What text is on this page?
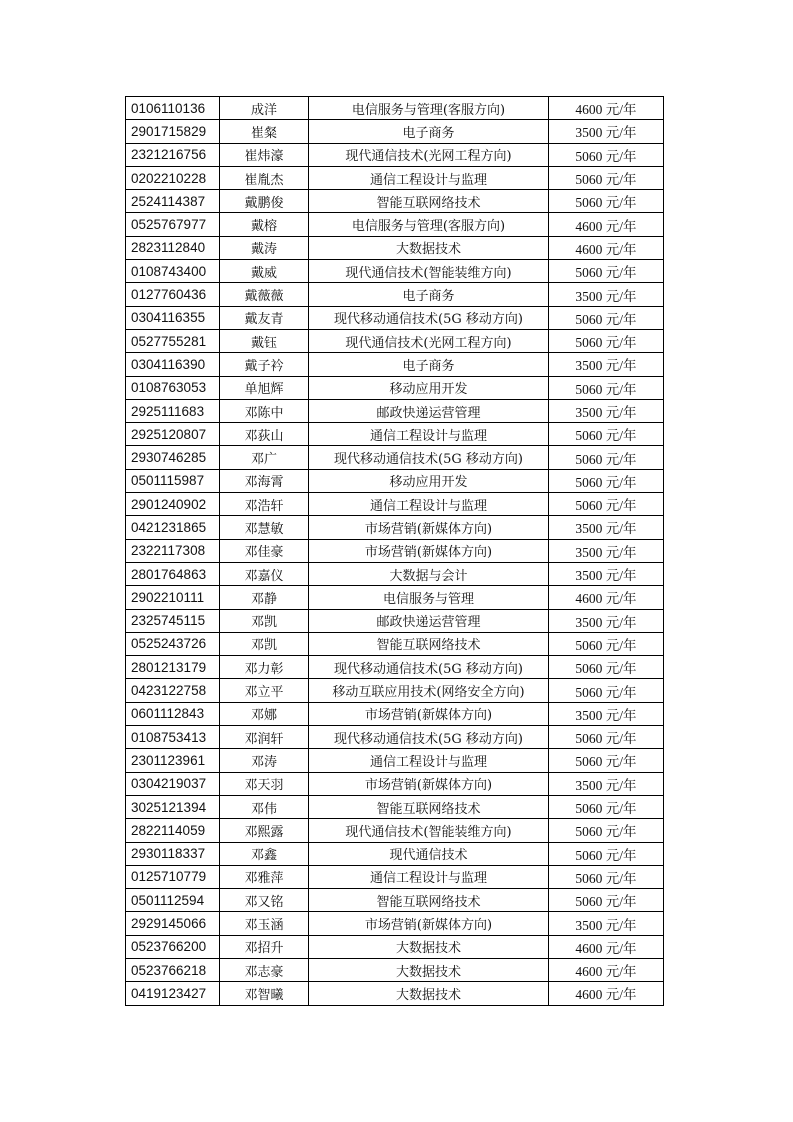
0106110136	成洋	电信服务与管理(客服方向)	4600 元/年
2901715829	崔粲	电子商务	3500 元/年
2321216756	崔炜濠	现代通信技术(光网工程方向)	5060 元/年
0202210228	崔胤杰	通信工程设计与监理	5060 元/年
2524114387	戴鹏俊	智能互联网络技术	5060 元/年
0525767977	戴榕	电信服务与管理(客服方向)	4600 元/年
2823112840	戴涛	大数据技术	4600 元/年
0108743400	戴威	现代通信技术(智能装维方向)	5060 元/年
0127760436	戴薇薇	电子商务	3500 元/年
0304116355	戴友青	现代移动通信技术(5G 移动方向)	5060 元/年
0527755281	戴钰	现代通信技术(光网工程方向)	5060 元/年
0304116390	戴子衿	电子商务	3500 元/年
0108763053	单旭辉	移动应用开发	5060 元/年
2925111683	邓陈中	邮政快递运营管理	3500 元/年
2925120807	邓荻山	通信工程设计与监理	5060 元/年
2930746285	邓广	现代移动通信技术(5G 移动方向)	5060 元/年
0501115987	邓海霄	移动应用开发	5060 元/年
2901240902	邓浩轩	通信工程设计与监理	5060 元/年
0421231865	邓慧敏	市场营销(新媒体方向)	3500 元/年
2322117308	邓佳豪	市场营销(新媒体方向)	3500 元/年
2801764863	邓嘉仪	大数据与会计	3500 元/年
2902210111	邓静	电信服务与管理	4600 元/年
2325745115	邓凯	邮政快递运营管理	3500 元/年
0525243726	邓凯	智能互联网络技术	5060 元/年
2801213179	邓力彰	现代移动通信技术(5G 移动方向)	5060 元/年
0423122758	邓立平	移动互联应用技术(网络安全方向)	5060 元/年
0601112843	邓娜	市场营销(新媒体方向)	3500 元/年
0108753413	邓润轩	现代移动通信技术(5G 移动方向)	5060 元/年
2301123961	邓涛	通信工程设计与监理	5060 元/年
0304219037	邓天羽	市场营销(新媒体方向)	3500 元/年
3025121394	邓伟	智能互联网络技术	5060 元/年
2822114059	邓熙露	现代通信技术(智能装维方向)	5060 元/年
2930118337	邓鑫	现代通信技术	5060 元/年
0125710779	邓雅萍	通信工程设计与监理	5060 元/年
0501112594	邓又铭	智能互联网络技术	5060 元/年
2929145066	邓玉涵	市场营销(新媒体方向)	3500 元/年
0523766200	邓招升	大数据技术	4600 元/年
0523766218	邓志豪	大数据技术	4600 元/年
0419123427	邓智曦	大数据技术	4600 元/年
